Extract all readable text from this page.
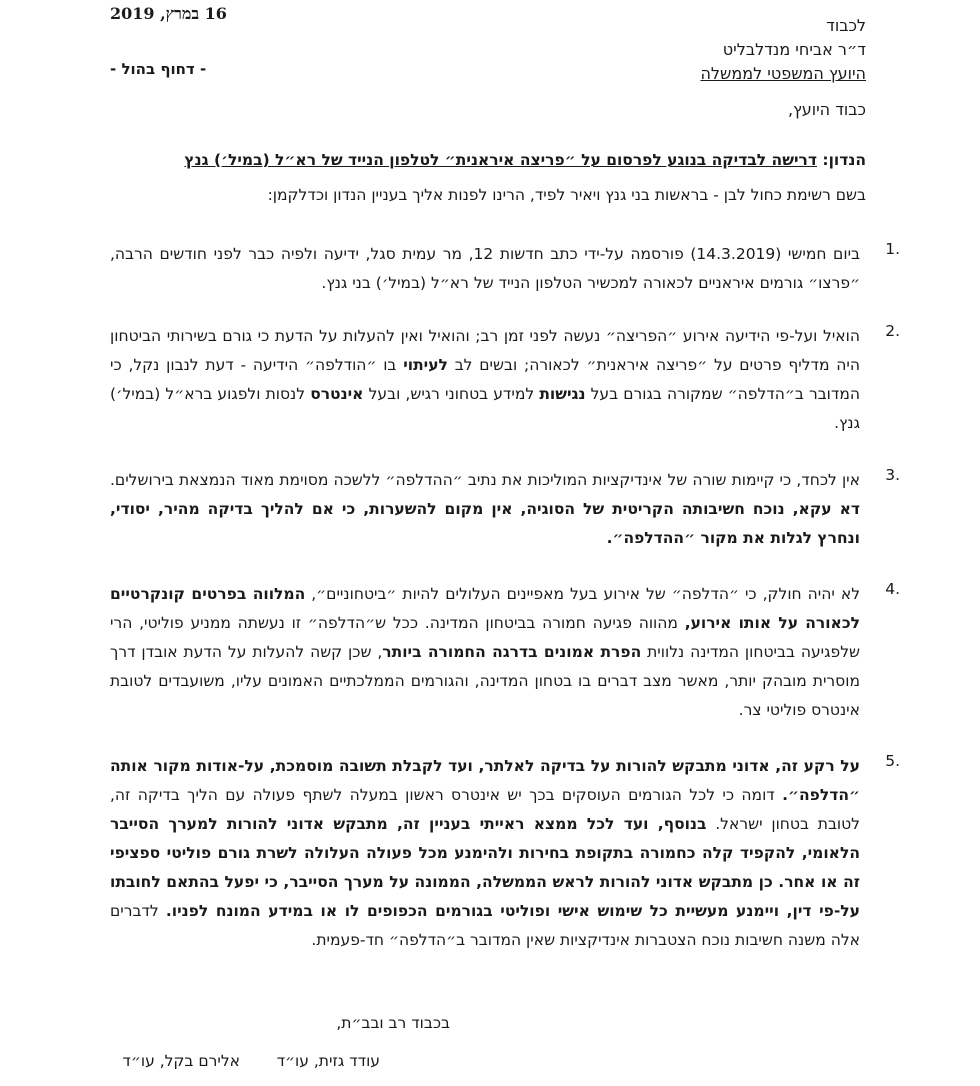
16 במרץ, 2019
- דחוף בהול -
לכבוד
ד״ר אביחי מנדלבליט
היועץ המשפטי לממשלה
כבוד היועץ,
הנדון: דרישה לבדיקה בנוגע לפרסום על ״פריצה איראנית״ לטלפון הנייד של רא״ל (במיל׳) גנץ
בשם רשימת כחול לבן - בראשות בני גנץ ויאיר לפיד, הרינו לפנות אליך בעניין הנדון וכדלקמן:
1.
ביום חמישי (14.3.2019) פורסמה על-ידי כתב חדשות 12, מר עמית סגל, ידיעה ולפיה כבר לפני חודשים הרבה, ״פרצו״ גורמים איראניים לכאורה למכשיר הטלפון הנייד של רא״ל (במיל׳) בני גנץ.
2.
הואיל ועל-פי הידיעה אירוע ״הפריצה״ נעשה לפני זמן רב; והואיל ואין להעלות על הדעת כי גורם בשירותי הביטחון היה מדליף פרטים על ״פריצה איראנית״ לכאורה; ובשים לב לעיתוי בו ״הודלפה״ הידיעה - דעת לנבון נקל, כי המדובר ב״הדלפה״ שמקורה בגורם בעל נגישות למידע בטחוני רגיש, ובעל אינטרס לנסות ולפגוע ברא״ל (במיל׳) גנץ.
3.
אין לכחד, כי קיימות שורה של אינדיקציות המוליכות את נתיב ״ההדלפה״ ללשכה מסוימת מאוד הנמצאת בירושלים. דא עקא, נוכח חשיבותה הקריטית של הסוגיה, אין מקום להשערות, כי אם להליך בדיקה מהיר, יסודי, ונחרץ לגלות את מקור ״ההדלפה״.
4.
לא יהיה חולק, כי ״הדלפה״ של אירוע בעל מאפיינים העלולים להיות ״ביטחוניים״, המלווה בפרטים קונקרטיים לכאורה על אותו אירוע, מהווה פגיעה חמורה בביטחון המדינה. ככל ש״הדלפה״ זו נעשתה ממניע פוליטי, הרי שלפגיעה בביטחון המדינה נלווית הפרת אמונים בדרגה החמורה ביותר, שכן קשה להעלות על הדעת אובדן דרך מוסרית מובהק יותר, מאשר מצב דברים בו בטחון המדינה, והגורמים הממלכתיים האמונים עליו, משועבדים לטובת אינטרס פוליטי צר.
5.
על רקע זה, אדוני מתבקש להורות על בדיקה לאלתר, ועד לקבלת תשובה מוסמכת, על-אודות מקור אותה ״הדלפה״. דומה כי לכל הגורמים העוסקים בכך יש אינטרס ראשון במעלה לשתף פעולה עם הליך בדיקה זה, לטובת בטחון ישראל. בנוסף, ועד לכל ממצא ראייתי בעניין זה, מתבקש אדוני להורות למערך הסייבר הלאומי, להקפיד קלה כחמורה בתקופת בחירות ולהימנע מכל פעולה העלולה לשרת גורם פוליטי ספציפי זה או אחר. כן מתבקש אדוני להורות לראש הממשלה, הממונה על מערך הסייבר, כי יפעל בהתאם לחובתו על-פי דין, ויימנע מעשיית כל שימוש אישי ופוליטי בגורמים הכפופים לו או במידע המונח לפניו. לדברים אלה משנה חשיבות נוכח הצטברות אינדיקציות שאין המדובר ב״הדלפה״ חד-פעמית.
בכבוד רב ובב״ת,
עודד גזית, עו״ד
אלירם בקל, עו״ד
